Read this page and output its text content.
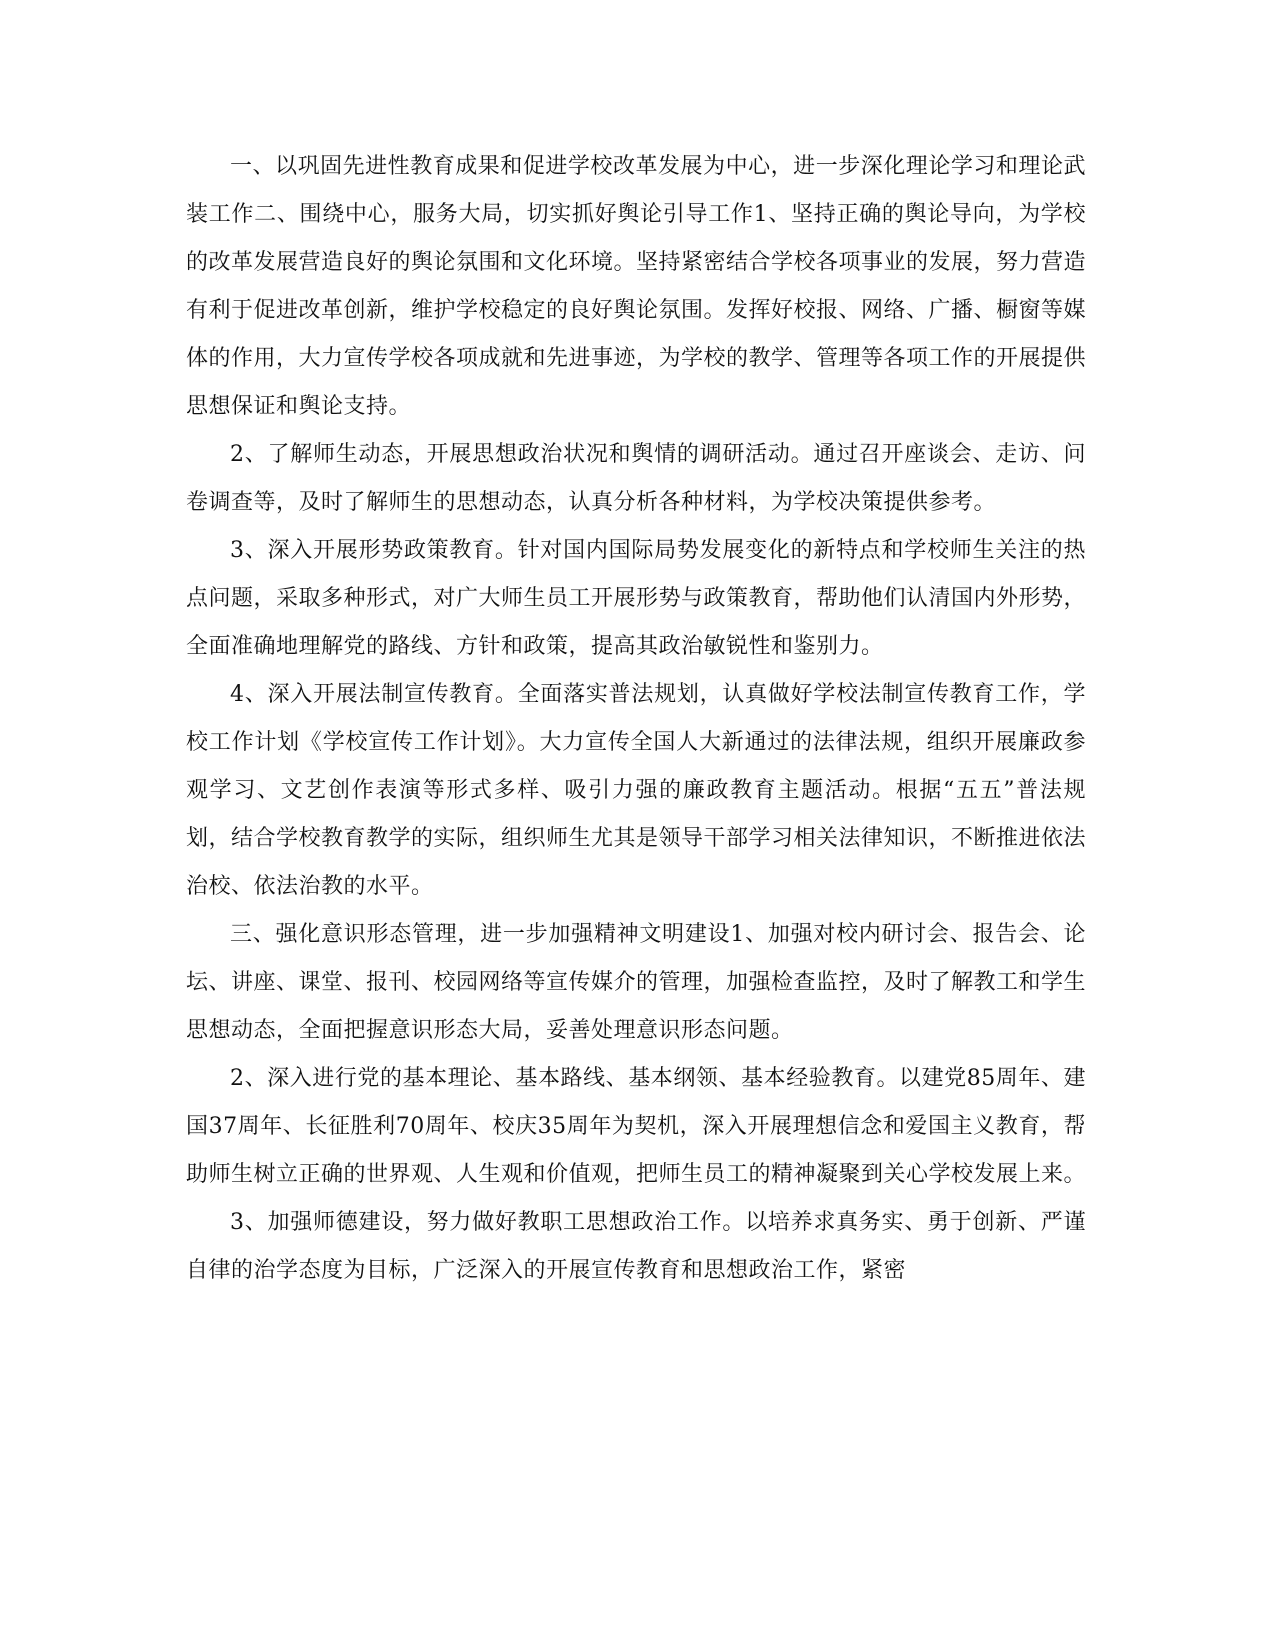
一、以巩固先进性教育成果和促进学校改革发展为中心，进一步深化理论学习和理论武装工作二、围绕中心，服务大局，切实抓好舆论引导工作1、坚持正确的舆论导向，为学校的改革发展营造良好的舆论氛围和文化环境。坚持紧密结合学校各项事业的发展，努力营造有利于促进改革创新，维护学校稳定的良好舆论氛围。发挥好校报、网络、广播、橱窗等媒体的作用，大力宣传学校各项成就和先进事迹，为学校的教学、管理等各项工作的开展提供思想保证和舆论支持。

2、了解师生动态，开展思想政治状况和舆情的调研活动。通过召开座谈会、走访、问卷调查等，及时了解师生的思想动态，认真分析各种材料，为学校决策提供参考。

3、深入开展形势政策教育。针对国内国际局势发展变化的新特点和学校师生关注的热点问题，采取多种形式，对广大师生员工开展形势与政策教育，帮助他们认清国内外形势，全面准确地理解党的路线、方针和政策，提高其政治敏锐性和鉴别力。

4、深入开展法制宣传教育。全面落实普法规划，认真做好学校法制宣传教育工作，学校工作计划《学校宣传工作计划》。大力宣传全国人大新通过的法律法规，组织开展廉政参观学习、文艺创作表演等形式多样、吸引力强的廉政教育主题活动。根据“五五”普法规划，结合学校教育教学的实际，组织师生尤其是领导干部学习相关法律知识，不断推进依法治校、依法治教的水平。

三、强化意识形态管理，进一步加强精神文明建设1、加强对校内研讨会、报告会、论坛、讲座、课堂、报刊、校园网络等宣传媒介的管理，加强检查监控，及时了解教工和学生思想动态，全面把握意识形态大局，妥善处理意识形态问题。

2、深入进行党的基本理论、基本路线、基本纲领、基本经验教育。以建党85周年、建国37周年、长征胜利70周年、校庆35周年为契机，深入开展理想信念和爱国主义教育，帮助师生树立正确的世界观、人生观和价值观，把师生员工的精神凝聚到关心学校发展上来。

3、加强师德建设，努力做好教职工思想政治工作。以培养求真务实、勇于创新、严谨自律的治学态度为目标，广泛深入的开展宣传教育和思想政治工作，紧密
